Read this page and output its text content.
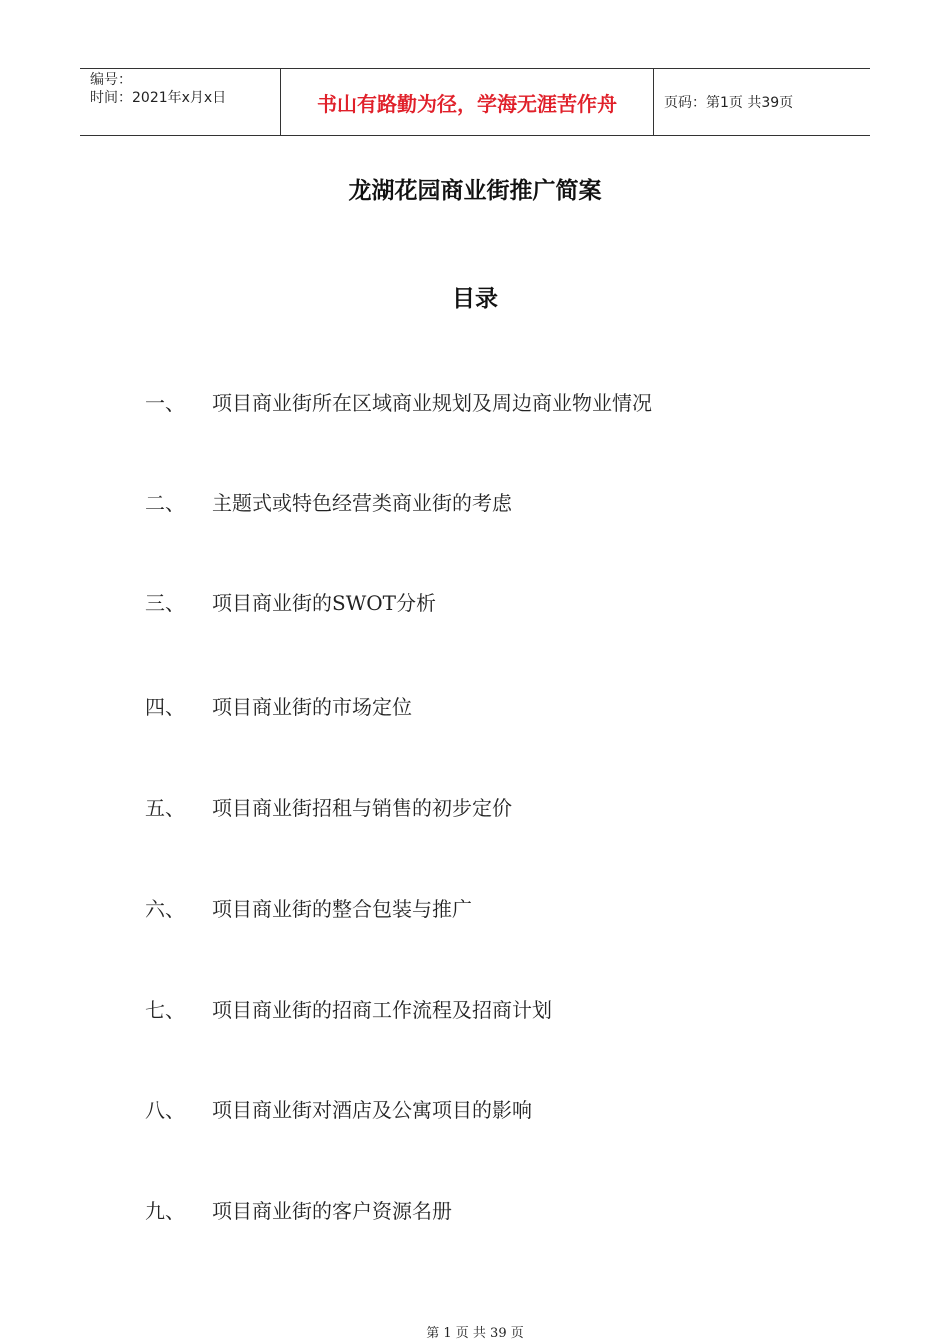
编号：
时间：2021年x月x日	书山有路勤为径，学海无涯苦作舟	页码：第1页 共39页
龙湖花园商业街推广简案
目录
一、 项目商业街所在区域商业规划及周边商业物业情况
二、 主题式或特色经营类商业街的考虑
三、 项目商业街的SWOT分析
四、 项目商业街的市场定位
五、 项目商业街招租与销售的初步定价
六、 项目商业街的整合包装与推广
七、 项目商业街的招商工作流程及招商计划
八、 项目商业街对酒店及公寓项目的影响
九、 项目商业街的客户资源名册
第 1 页 共 39 页
